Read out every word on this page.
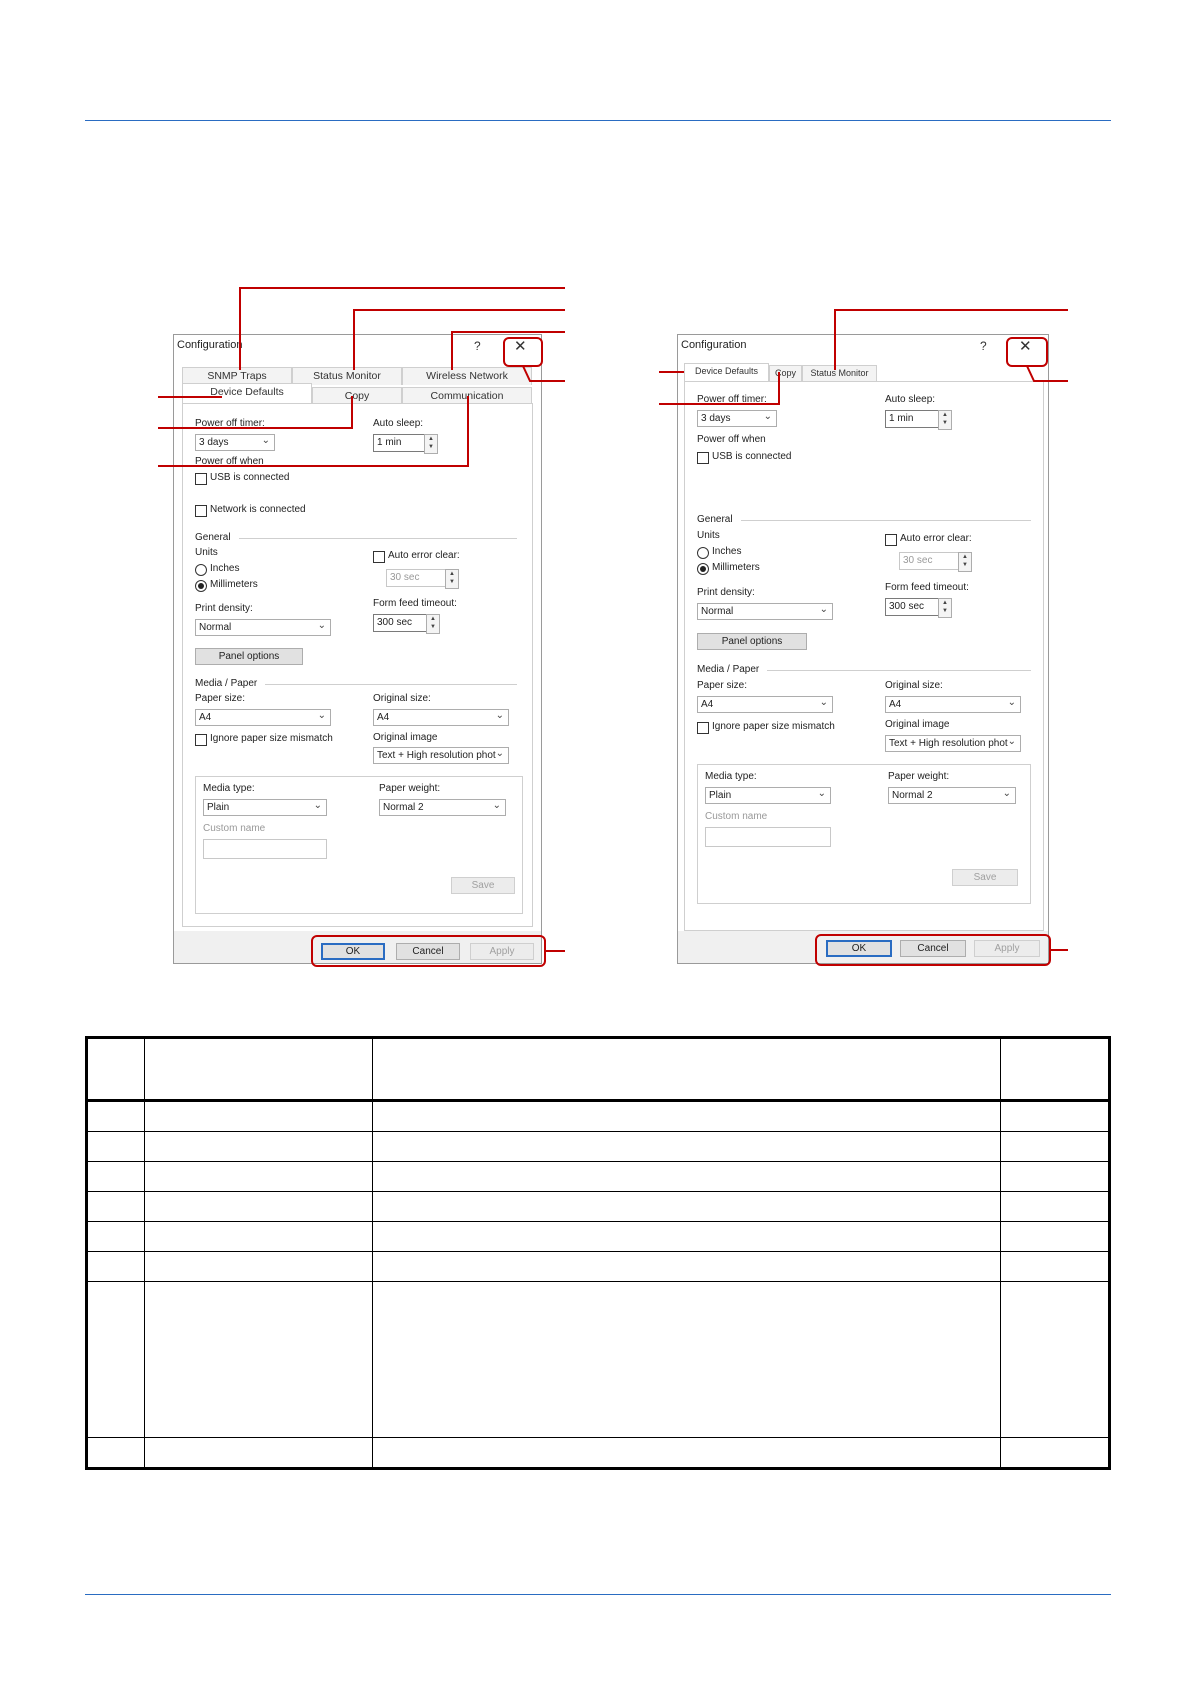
Configuration	? ✕
SNMP Traps	Status Monitor	Wireless Network
Device Defaults	Copy	Communication
Power off timer:
3 days	⌄
Auto sleep:
1 min	▲
▼
Power off when
USB is connected
Network is connected
General
Units
Inches
Millimeters
Auto error clear:
30 sec	▲
▼
Print density:
Normal	⌄
Form feed timeout:
300 sec	▲
▼
Panel options
Media / Paper
Paper size:
A4	⌄
Original size:
A4	⌄
Ignore paper size mismatch	Original image
Text + High resolution phot ⌄
Media type:
Plain	⌄
Paper weight:
Normal 2	⌄
Custom name
Save
OK	Cancel	Apply
Configuration	? ✕
Device Defaults	Copy	Status Monitor
Power off timer:
3 days	⌄
Auto sleep:
1 min	▲
▼
Power off when
USB is connected
General
Units
Inches
Millimeters
Auto error clear:
30 sec	▲
▼
Print density:
Normal	⌄
Form feed timeout:
300 sec	▲
▼
Panel options
Media / Paper
Paper size:
A4	⌄
Original size:
A4	⌄
Ignore paper size mismatch	Original image
Text + High resolution phot ⌄
Media type:
Plain	⌄
Paper weight:
Normal 2	⌄
Custom name
Save
OK	Cancel	Apply
